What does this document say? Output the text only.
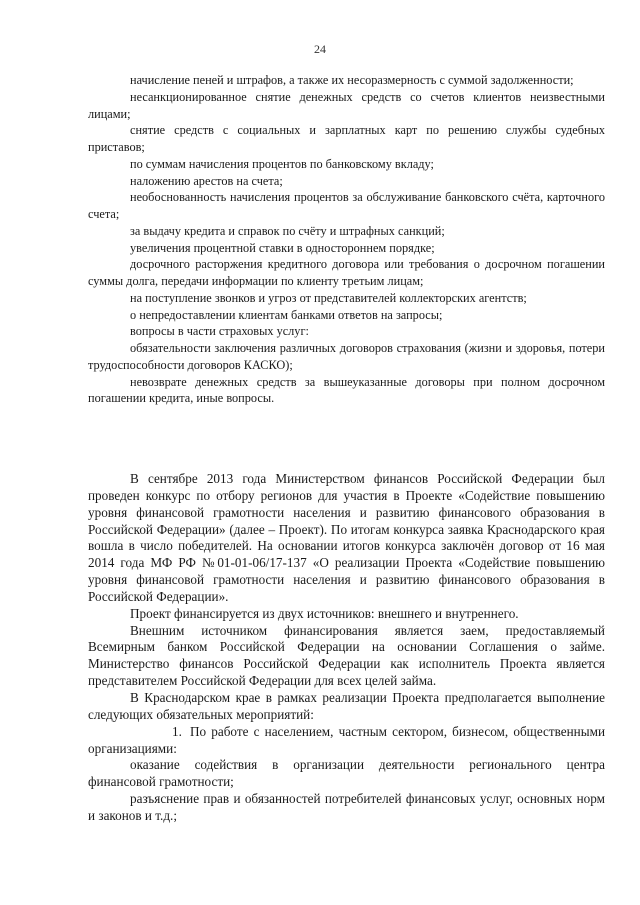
24

начисление пеней и штрафов, а также их несоразмерность с суммой задолженности;

несанкционированное снятие денежных средств со счетов клиентов неизвестными лицами;

снятие средств с социальных и зарплатных карт по решению службы судебных приставов;

по суммам начисления процентов по банковскому вкладу;

наложению арестов на счета;

необоснованность начисления процентов за обслуживание банковского счёта, карточного счета;

за выдачу кредита и справок по счёту и штрафных санкций;

увеличения процентной ставки в одностороннем порядке;

досрочного расторжения кредитного договора или требования о досрочном погашении суммы долга, передачи информации по клиенту третьим лицам;

на поступление звонков и угроз от представителей коллекторских агентств;

о непредоставлении клиентам банками ответов на запросы;

вопросы в части страховых услуг:

обязательности заключения различных договоров страхования (жизни и здоровья, потери трудоспособности договоров КАСКО);

невозврате денежных средств за вышеуказанные договоры при полном досрочном погашении кредита, иные вопросы.

В сентябре 2013 года Министерством финансов Российской Федерации был проведен конкурс по отбору регионов для участия в Проекте «Содействие повышению уровня финансовой грамотности населения и развитию финансового образования в Российской Федерации» (далее – Проект). По итогам конкурса заявка Краснодарского края вошла в число победителей. На основании итогов конкурса заключён договор от 16 мая 2014 года МФ РФ №01-01-06/17-137 «О реализации Проекта «Содействие повышению уровня финансовой грамотности населения и развитию финансового образования в Российской Федерации».

Проект финансируется из двух источников: внешнего и внутреннего.

Внешним источником финансирования является заем, предоставляемый Всемирным банком Российской Федерации на основании Соглашения о займе. Министерство финансов Российской Федерации как исполнитель Проекта является представителем Российской Федерации для всех целей займа.

В Краснодарском крае в рамках реализации Проекта предполагается выполнение следующих обязательных мероприятий:

1. По работе с населением, частным сектором, бизнесом, общественными организациями:

оказание содействия в организации деятельности регионального центра финансовой грамотности;

разъяснение прав и обязанностей потребителей финансовых услуг, основных норм и законов и т.д.;
